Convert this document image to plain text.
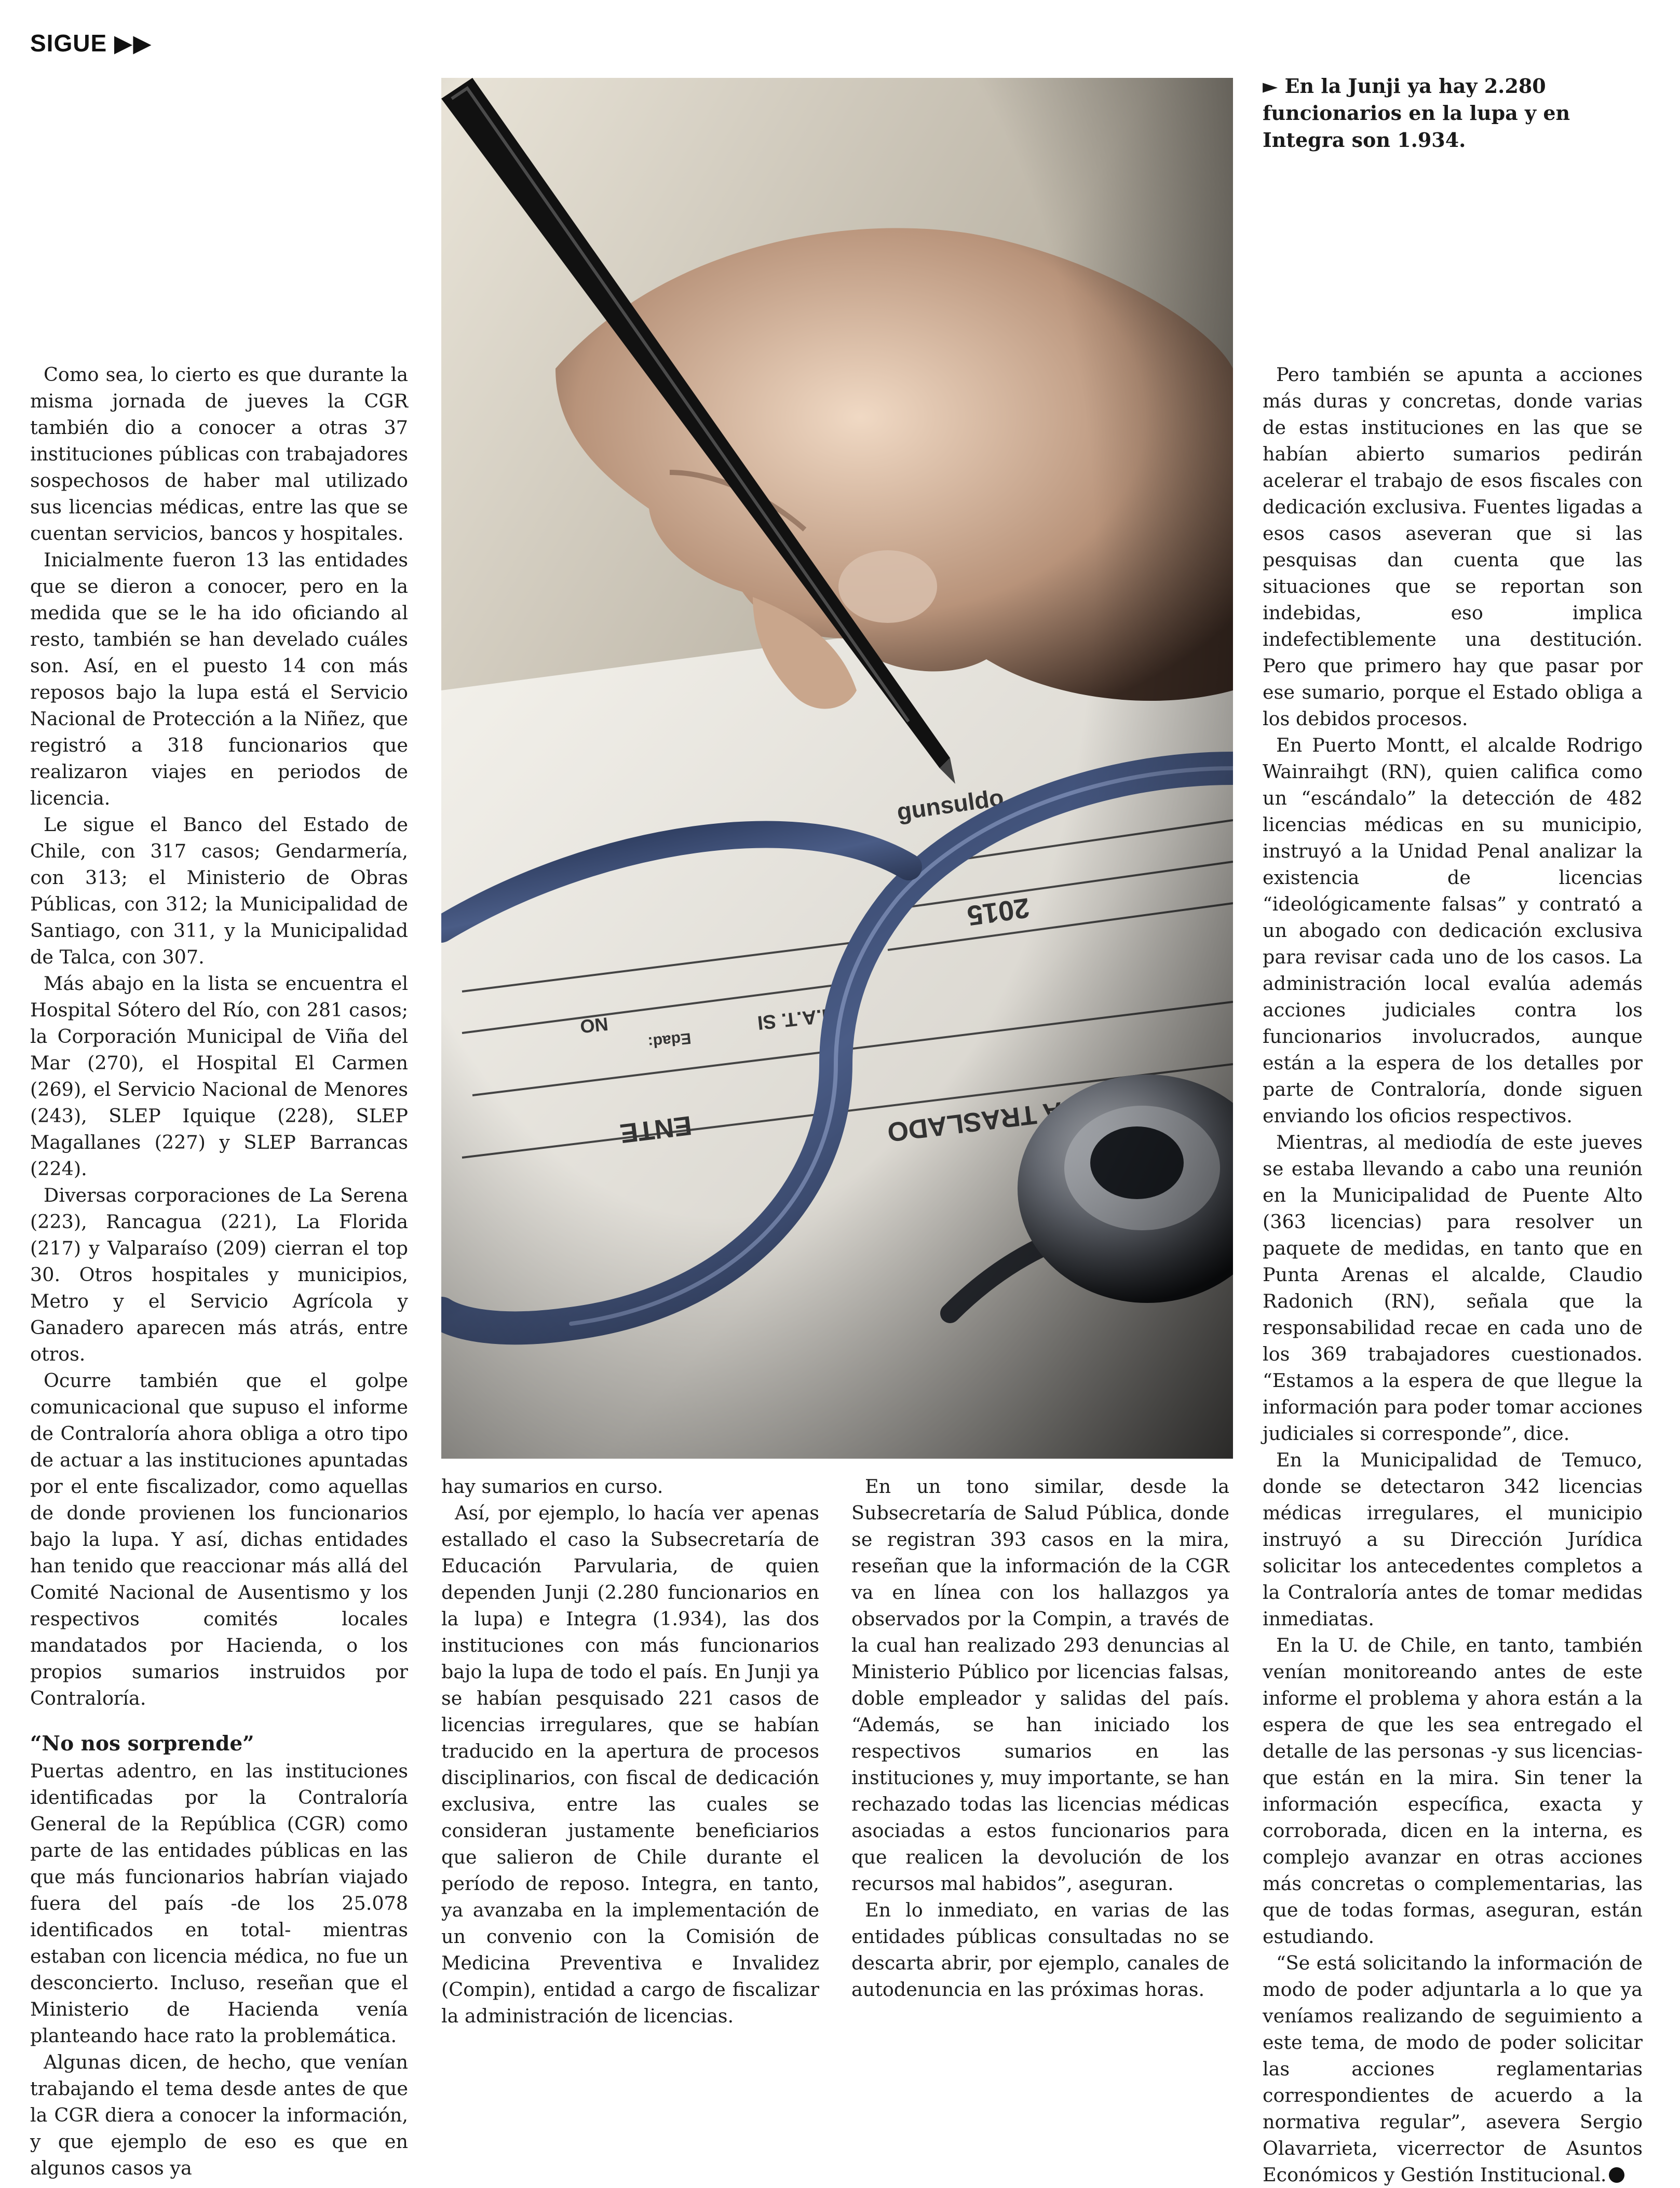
SIGUE ▶▶
► En la Junji ya hay 2.280 funcionarios en la lupa y en Integra son 1.934.

Como sea, lo cierto es que durante la misma jornada de jueves la CGR también dio a conocer a otras 37 instituciones públicas con trabajadores sospechosos de haber mal utilizado sus licencias médicas, entre las que se cuentan servicios, bancos y hospitales.

Inicialmente fueron 13 las entidades que se dieron a conocer, pero en la medida que se le ha ido oficiando al resto, también se han develado cuáles son. Así, en el puesto 14 con más reposos bajo la lupa está el Servicio Nacional de Protección a la Niñez, que registró a 318 funcionarios que realizaron viajes en periodos de licencia.

Le sigue el Banco del Estado de Chile, con 317 casos; Gendarmería, con 313; el Ministerio de Obras Públicas, con 312; la Municipalidad de Santiago, con 311, y la Municipalidad de Talca, con 307.

Más abajo en la lista se encuentra el Hospital Sótero del Río, con 281 casos; la Corporación Municipal de Viña del Mar (270), el Hospital El Carmen (269), el Servicio Nacional de Menores (243), SLEP Iquique (228), SLEP Magallanes (227) y SLEP Barrancas (224).

Diversas corporaciones de La Serena (223), Rancagua (221), La Florida (217) y Valparaíso (209) cierran el top 30. Otros hospitales y municipios, Metro y el Servicio Agrícola y Ganadero aparecen más atrás, entre otros.

Ocurre también que el golpe comunicacional que supuso el informe de Contraloría ahora obliga a otro tipo de actuar a las instituciones apuntadas por el ente fiscalizador, como aquellas de donde provienen los funcionarios bajo la lupa. Y así, dichas entidades han tenido que reaccionar más allá del Comité Nacional de Ausentismo y los respectivos comités locales mandatados por Hacienda, o los propios sumarios instruidos por Contraloría.

“No nos sorprende”

Puertas adentro, en las instituciones identificadas por la Contraloría General de la República (CGR) como parte de las entidades públicas en las que más funcionarios habrían viajado fuera del país -de los 25.078 identificados en total- mientras estaban con licencia médica, no fue un desconcierto. Incluso, reseñan que el Ministerio de Hacienda venía planteando hace rato la problemática.

Algunas dicen, de hecho, que venían trabajando el tema desde antes de que la CGR diera a conocer la información, y que ejemplo de eso es que en algunos casos ya

hay sumarios en curso.

Así, por ejemplo, lo hacía ver apenas estallado el caso la Subsecretaría de Educación Parvularia, de quien dependen Junji (2.280 funcionarios en la lupa) e Integra (1.934), las dos instituciones con más funcionarios bajo la lupa de todo el país. En Junji ya se habían pesquisado 221 casos de licencias irregulares, que se habían traducido en la apertura de procesos disciplinarios, con fiscal de dedicación exclusiva, entre las cuales se consideran justamente beneficiarios que salieron de Chile durante el período de reposo. Integra, en tanto, ya avanzaba en la implementación de un convenio con la Comisión de Medicina Preventiva e Invalidez (Compin), entidad a cargo de fiscalizar la administración de licencias.

En un tono similar, desde la Subsecretaría de Salud Pública, donde se registran 393 casos en la mira, reseñan que la información de la CGR va en línea con los hallazgos ya observados por la Compin, a través de la cual han realizado 293 denuncias al Ministerio Público por licencias falsas, doble empleador y salidas del país. “Además, se han iniciado los respectivos sumarios en las instituciones y, muy importante, se han rechazado todas las licencias médicas asociadas a estos funcionarios para que realicen la devolución de los recursos mal habidos”, aseguran.

En lo inmediato, en varias de las entidades públicas consultadas no se descarta abrir, por ejemplo, canales de autodenuncia en las próximas horas.

Pero también se apunta a acciones más duras y concretas, donde varias de estas instituciones en las que se habían abierto sumarios pedirán acelerar el trabajo de esos fiscales con dedicación exclusiva. Fuentes ligadas a esos casos aseveran que si las pesquisas dan cuenta que las situaciones que se reportan son indebidas, eso implica indefectiblemente una destitución. Pero que primero hay que pasar por ese sumario, porque el Estado obliga a los debidos procesos.

En Puerto Montt, el alcalde Rodrigo Wainraihgt (RN), quien califica como un “escándalo” la detección de 482 licencias médicas en su municipio, instruyó a la Unidad Penal analizar la existencia de licencias “ideológicamente falsas” y contrató a un abogado con dedicación exclusiva para revisar cada uno de los casos. La administración local evalúa además acciones judiciales contra los funcionarios involucrados, aunque están a la espera de los detalles por parte de Contraloría, donde siguen enviando los oficios respectivos.

Mientras, al mediodía de este jueves se estaba llevando a cabo una reunión en la Municipalidad de Puente Alto (363 licencias) para resolver un paquete de medidas, en tanto que en Punta Arenas el alcalde, Claudio Radonich (RN), señala que la responsabilidad recae en cada uno de los 369 trabajadores cuestionados. “Estamos a la espera de que llegue la información para poder tomar acciones judiciales si corresponde”, dice.

En la Municipalidad de Temuco, donde se detectaron 342 licencias médicas irregulares, el municipio instruyó a su Dirección Jurídica solicitar los antecedentes completos a la Contraloría antes de tomar medidas inmediatas.

En la U. de Chile, en tanto, también venían monitoreando antes de este informe el problema y ahora están a la espera de que les sea entregado el detalle de las personas -y sus licencias- que están en la mira. Sin tener la información específica, exacta y corroborada, dicen en la interna, es complejo avanzar en otras acciones más concretas o complementarias, las que de todas formas, aseguran, están estudiando.

“Se está solicitando la información de modo de poder adjuntarla a lo que ya veníamos realizando de seguimiento a este tema, de modo de poder solicitar las acciones reglamentarias correspondientes de acuerdo a la normativa regular”, asevera Sergio Olavarrieta, vicerrector de Asuntos Económicos y Gestión Institucional.
